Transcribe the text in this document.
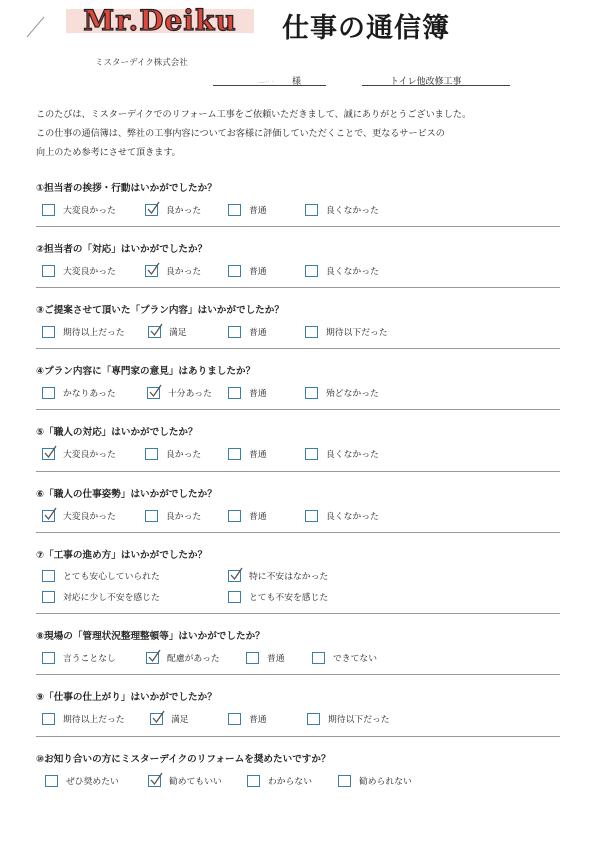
Mr.Deiku 仕事の通信簿
ミスターデイク株式会社
—·· · 様	トイレ他改修工事
このたびは、ミスターデイクでのリフォーム工事をご依頼いただきまして、誠にありがとうございました。
この仕事の通信簿は、弊社の工事内容についてお客様に評価していただくことで、更なるサービスの
向上のため参考にさせて頂きます。
①担当者の挨拶・行動はいかがでしたか？
大変良かった	良かった	普通	良くなかった
②担当者の「対応」はいかがでしたか？
大変良かった	良かった	普通	良くなかった
③ご提案させて頂いた「プラン内容」はいかがでしたか？
期待以上だった	満足	普通	期待以下だった
④プラン内容に「専門家の意見」はありましたか？
かなりあった	十分あった	普通	殆どなかった
⑤「職人の対応」はいかがでしたか？
大変良かった	良かった	普通	良くなかった
⑥「職人の仕事姿勢」はいかがでしたか？
大変良かった	良かった	普通	良くなかった
⑦「工事の進め方」はいかがでしたか？
とても安心していられた	特に不安はなかった
対応に少し不安を感じた	とても不安を感じた
⑧現場の「管理状況整理整頓等」はいかがでしたか？
言うことなし	配慮があった	普通	できてない
⑨「仕事の仕上がり」はいかがでしたか？
期待以上だった	満足	普通	期待以下だった
⑩お知り合いの方にミスターデイクのリフォームを奨めたいですか？
ぜひ奨めたい	勧めてもいい	わからない	勧められない
